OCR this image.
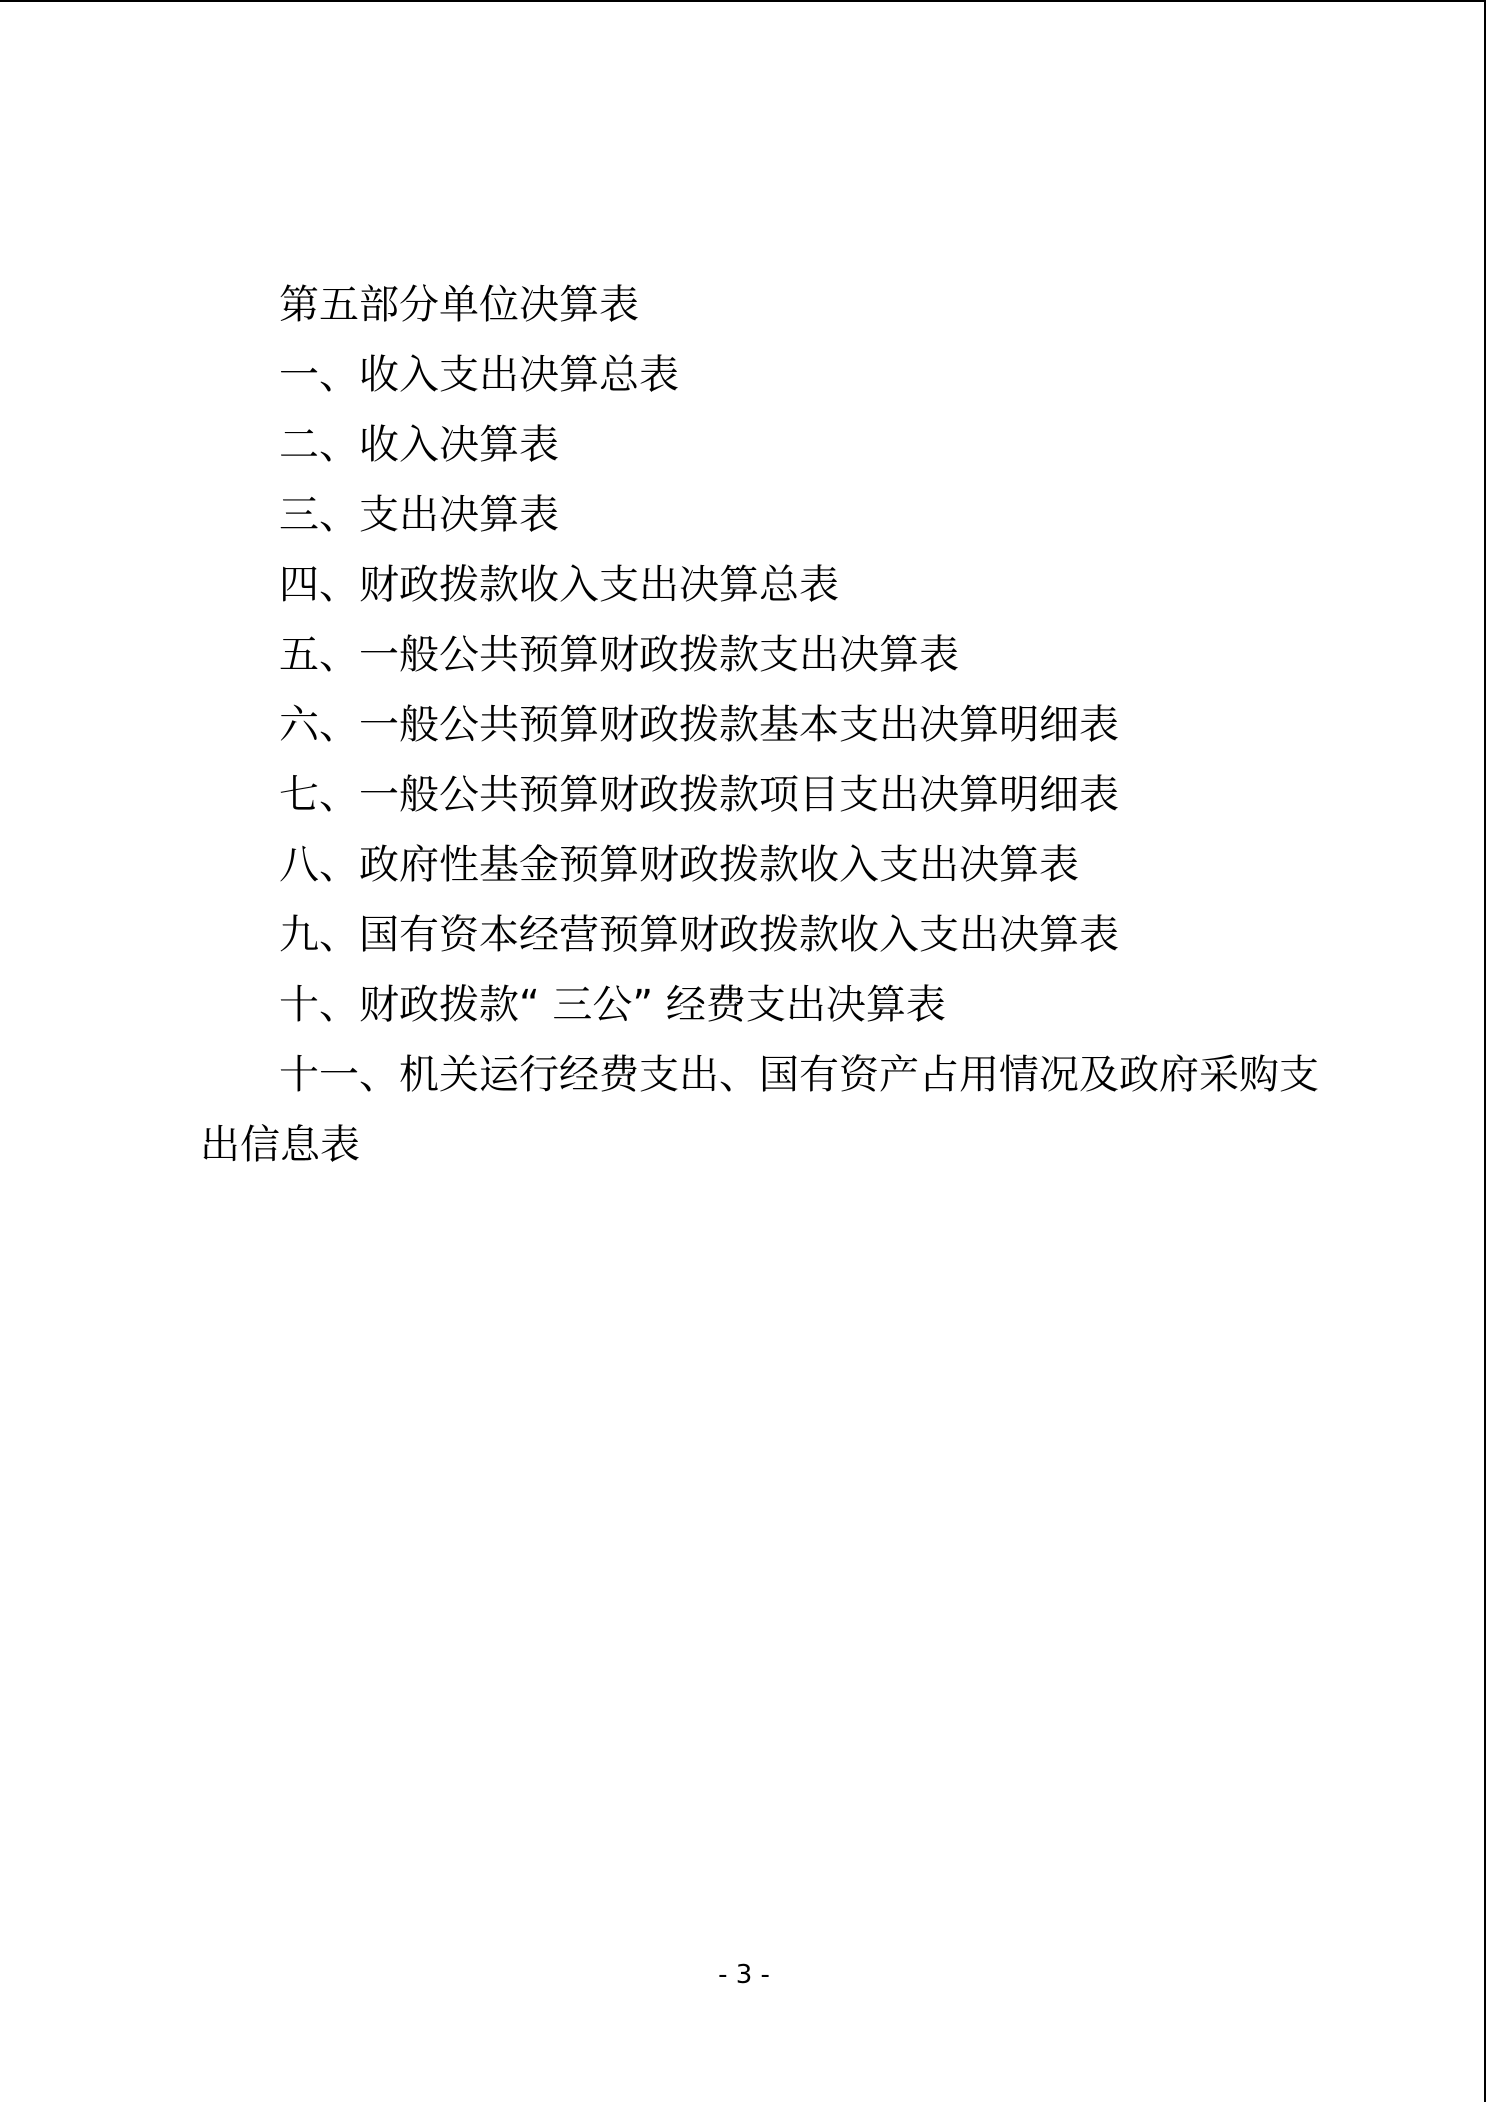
第五部分单位决算表
一、收入支出决算总表
二、收入决算表
三、支出决算表
四、财政拨款收入支出决算总表
五、一般公共预算财政拨款支出决算表
六、一般公共预算财政拨款基本支出决算明细表
七、一般公共预算财政拨款项目支出决算明细表
八、政府性基金预算财政拨款收入支出决算表
九、国有资本经营预算财政拨款收入支出决算表
十、财政拨款“ 三公” 经费支出决算表
十一、机关运行经费支出、国有资产占用情况及政府采购支出信息表
- 3 -
